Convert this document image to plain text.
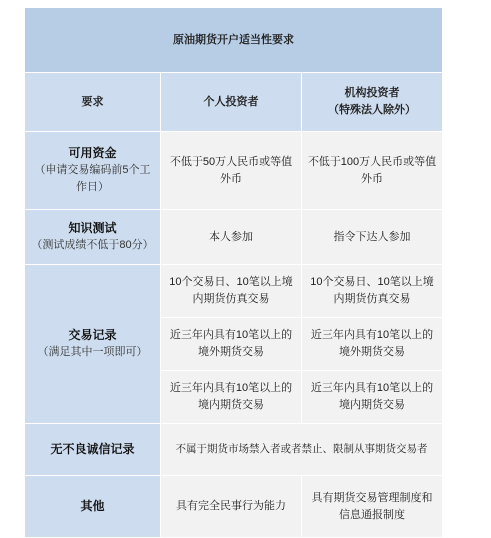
原油期货开户适当性要求		
要求	个人投资者	机构投资者
（特殊法人除外）

可用资金
（申请交易编码前5个工作日）	不低于50万人民币或等值外币	不低于100万人民币或等值外币

知识测试
（测试成绩不低于80分）	本人参加	指令下达人参加

交易记录
（满足其中一项即可）	10个交易日、10笔以上境内期货仿真交易	10个交易日、10笔以上境内期货仿真交易
	近三年内具有10笔以上的境外期货交易	近三年内具有10笔以上的境外期货交易
	近三年内具有10笔以上的境内期货交易	近三年内具有10笔以上的境内期货交易

无不良诚信记录	不属于期货市场禁入者或者禁止、限制从事期货交易者	

其他	具有完全民事行为能力	具有期货交易管理制度和信息通报制度
